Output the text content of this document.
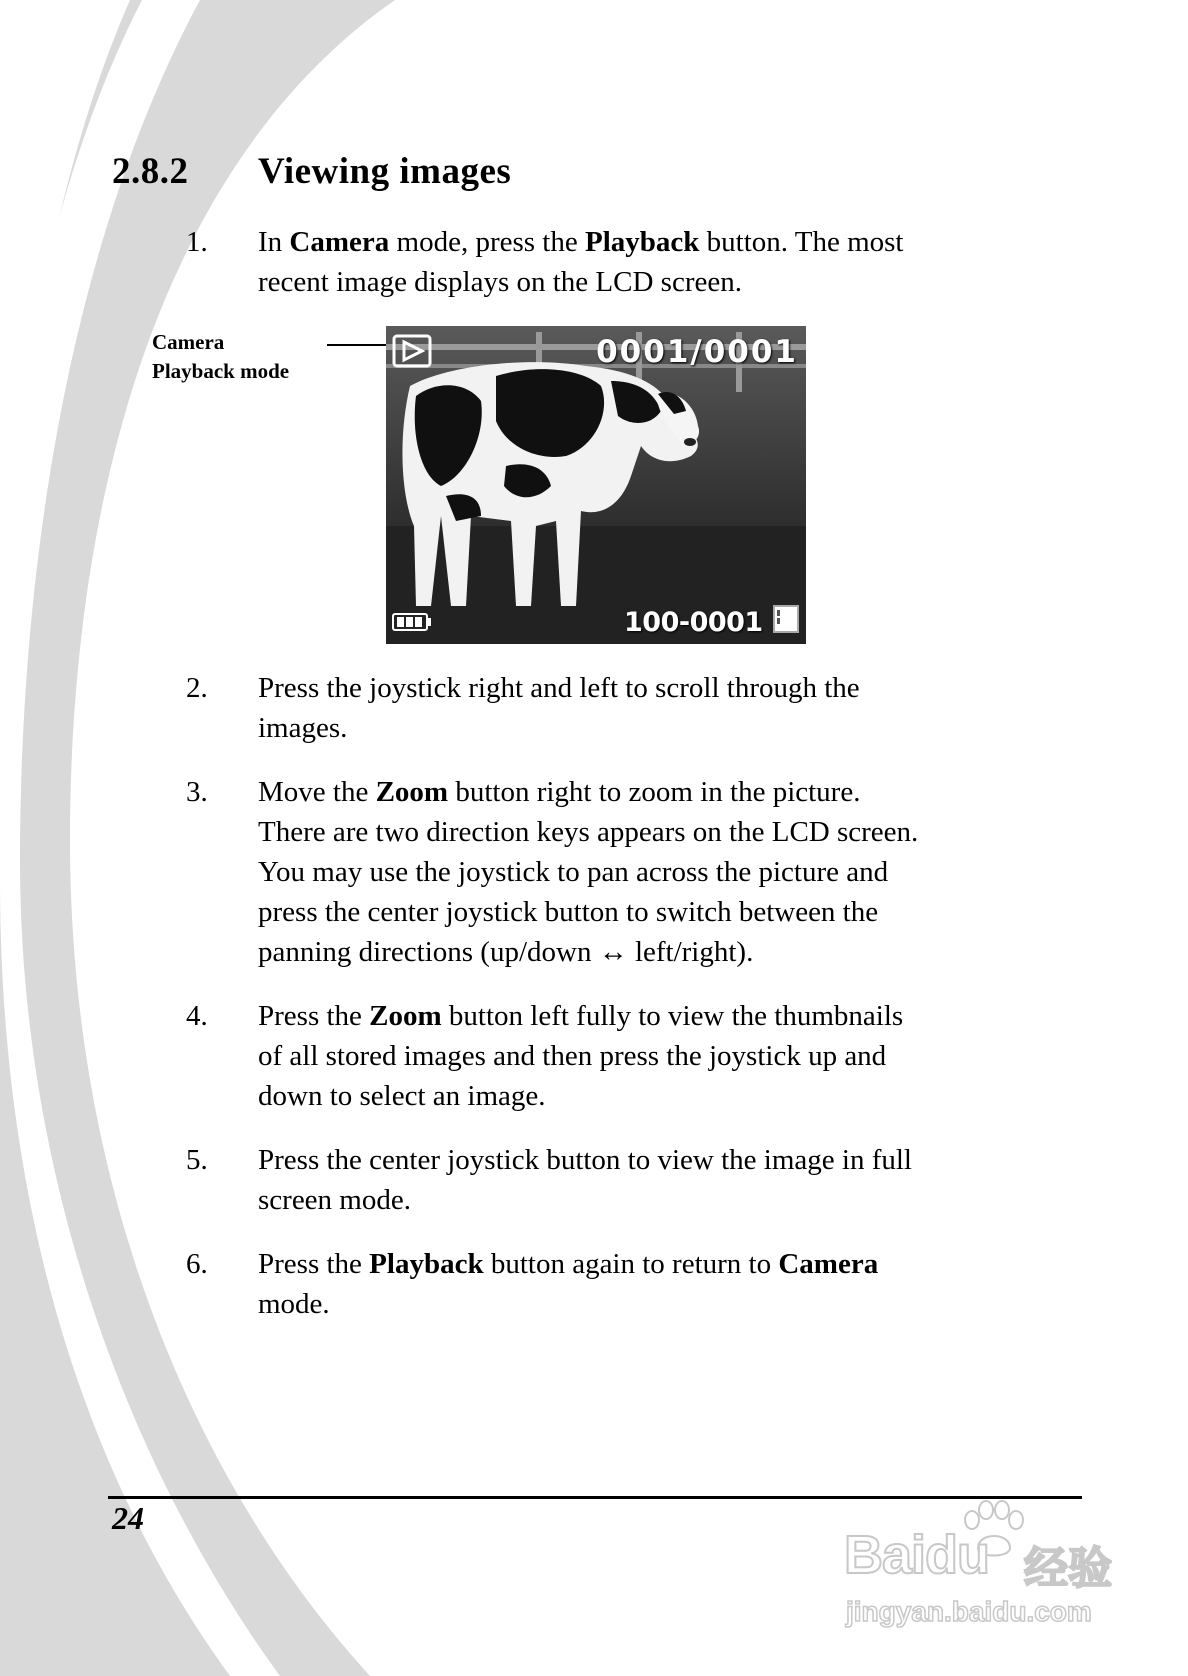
2.8.2 Viewing images
1. In Camera mode, press the Playback button. The most
recent image displays on the LCD screen.
Camera
Playback mode
0001/0001
100-0001
2. Press the joystick right and left to scroll through the
images.
3. Move the Zoom button right to zoom in the picture.
There are two direction keys appears on the LCD screen.
You may use the joystick to pan across the picture and
press the center joystick button to switch between the
panning directions (up/down ↔ left/right).
4. Press the Zoom button left fully to view the thumbnails
of all stored images and then press the joystick up and
down to select an image.
5. Press the center joystick button to view the image in full
screen mode.
6. Press the Playback button again to return to Camera
mode.
24
Baidu 经验
jingyan.baidu.com
